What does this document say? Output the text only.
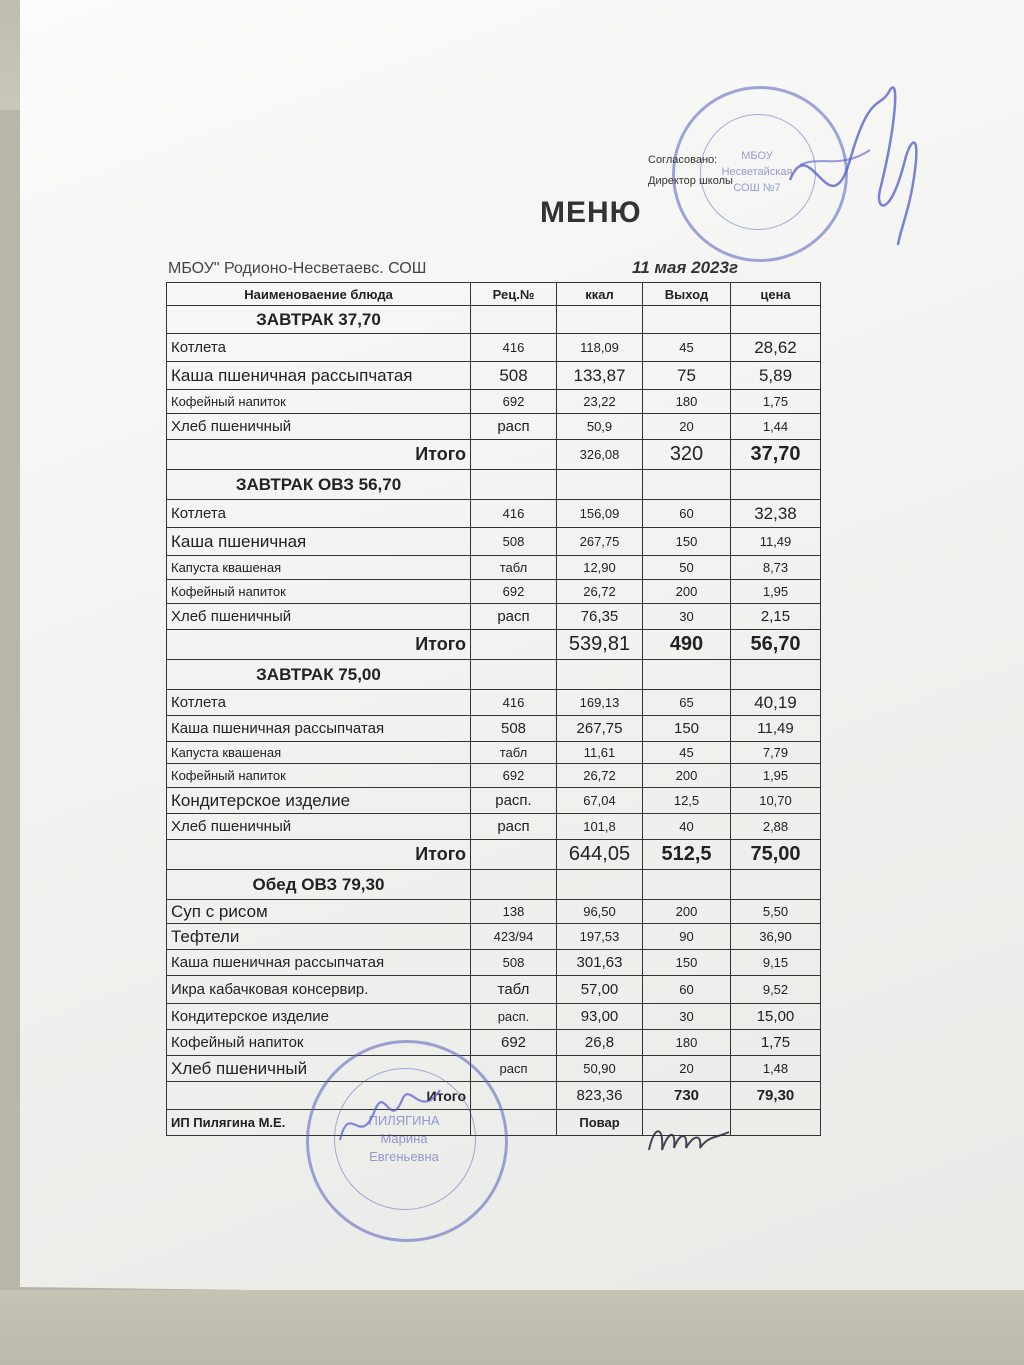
МБОУ
Несветайская
СОШ №7
Согласовано:
Директор школы
МЕНЮ
МБОУ" Родионо-Несветаевс. СОШ	11 мая 2023г
Наименоваение блюда	Рец.№	ккал	Выход	цена
ЗАВТРАК 37,70				
Котлета	416	118,09	45	28,62
Каша пшеничная рассыпчатая	508	133,87	75	5,89
Кофейный напиток	692	23,22	180	1,75
Хлеб пшеничный	расп	50,9	20	1,44
Итого		326,08	320	37,70
ЗАВТРАК ОВЗ 56,70				
Котлета	416	156,09	60	32,38
Каша пшеничная	508	267,75	150	11,49
Капуста квашеная	табл	12,90	50	8,73
Кофейный напиток	692	26,72	200	1,95
Хлеб пшеничный	расп	76,35	30	2,15
Итого		539,81	490	56,70
ЗАВТРАК 75,00				
Котлета	416	169,13	65	40,19
Каша пшеничная рассыпчатая	508	267,75	150	11,49
Капуста квашеная	табл	11,61	45	7,79
Кофейный напиток	692	26,72	200	1,95
Кондитерское изделие	расп.	67,04	12,5	10,70
Хлеб пшеничный	расп	101,8	40	2,88
Итого		644,05	512,5	75,00
Обед ОВЗ 79,30				
Суп с рисом	138	96,50	200	5,50
Тефтели	423/94	197,53	90	36,90
Каша пшеничная рассыпчатая	508	301,63	150	9,15
Икра кабачковая консервир.	табл	57,00	60	9,52
Кондитерское изделие	расп.	93,00	30	15,00
Кофейный напиток	692	26,8	180	1,75
Хлеб пшеничный	расп	50,90	20	1,48
Итого		823,36	730	79,30
ИП Пилягина М.Е.		Повар		
ПИЛЯГИНА
Марина
Евгеньевна
